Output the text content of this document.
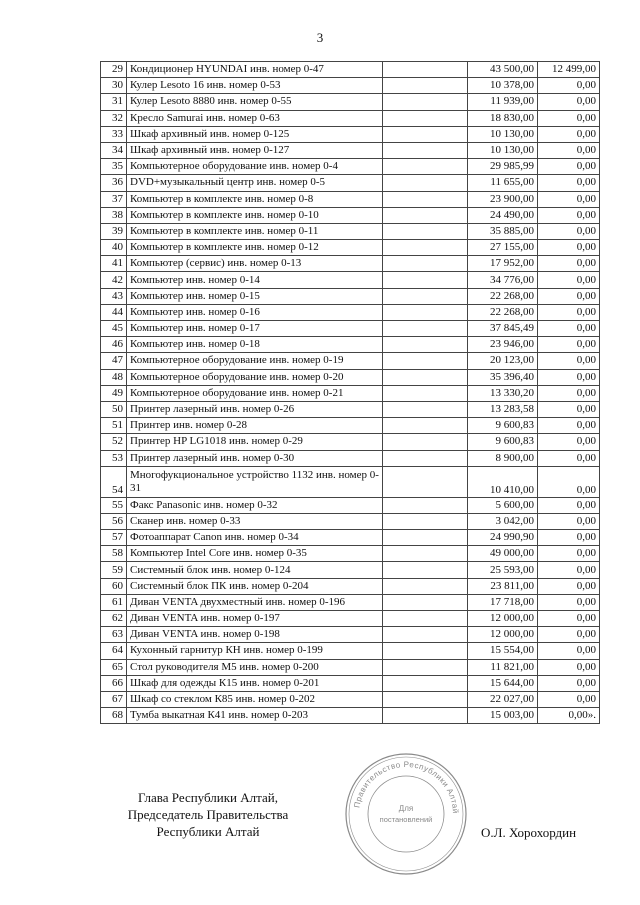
3
29	Кондиционер HYUNDAI инв. номер 0-47		43 500,00	12 499,00
30	Кулер Lesoto 16 инв. номер 0-53		10 378,00	0,00
31	Кулер Lesoto 8880 инв. номер 0-55		11 939,00	0,00
32	Кресло Samurai инв. номер 0-63		18 830,00	0,00
33	Шкаф архивный инв. номер 0-125		10 130,00	0,00
34	Шкаф архивный инв. номер 0-127		10 130,00	0,00
35	Компьютерное оборудование инв. номер 0-4		29 985,99	0,00
36	DVD+музыкальный центр инв. номер 0-5		11 655,00	0,00
37	Компьютер в комплекте инв. номер 0-8		23 900,00	0,00
38	Компьютер в комплекте инв. номер 0-10		24 490,00	0,00
39	Компьютер в комплекте инв. номер 0-11		35 885,00	0,00
40	Компьютер в комплекте инв. номер 0-12		27 155,00	0,00
41	Компьютер (сервис) инв. номер 0-13		17 952,00	0,00
42	Компьютер инв. номер 0-14		34 776,00	0,00
43	Компьютер инв. номер 0-15		22 268,00	0,00
44	Компьютер инв. номер 0-16		22 268,00	0,00
45	Компьютер инв. номер 0-17		37 845,49	0,00
46	Компьютер инв. номер 0-18		23 946,00	0,00
47	Компьютерное оборудование инв. номер 0-19		20 123,00	0,00
48	Компьютерное оборудование инв. номер 0-20		35 396,40	0,00
49	Компьютерное оборудование инв. номер 0-21		13 330,20	0,00
50	Принтер лазерный инв. номер 0-26		13 283,58	0,00
51	Принтер инв. номер 0-28		9 600,83	0,00
52	Принтер HP LG1018 инв. номер 0-29		9 600,83	0,00
53	Принтер лазерный инв. номер 0-30		8 900,00	0,00
54	Многофукциональное устройство 1132 инв. номер 0-31		10 410,00	0,00
55	Факс Panasonic инв. номер 0-32		5 600,00	0,00
56	Сканер инв. номер 0-33		3 042,00	0,00
57	Фотоаппарат Canon инв. номер 0-34		24 990,90	0,00
58	Компьютер Intel Core инв. номер 0-35		49 000,00	0,00
59	Системный блок инв. номер 0-124		25 593,00	0,00
60	Системный блок ПК инв. номер 0-204		23 811,00	0,00
61	Диван VENTA двухместный инв. номер 0-196		17 718,00	0,00
62	Диван VENTA инв. номер 0-197		12 000,00	0,00
63	Диван VENTA инв. номер 0-198		12 000,00	0,00
64	Кухонный гарнитур КН инв. номер 0-199		15 554,00	0,00
65	Стол руководителя М5 инв. номер 0-200		11 821,00	0,00
66	Шкаф для одежды К15 инв. номер 0-201		15 644,00	0,00
67	Шкаф со стеклом К85 инв. номер 0-202		22 027,00	0,00
68	Тумба выкатная К41 инв. номер 0-203		15 003,00	0,00».
Глава Республики Алтай,
Председатель Правительства
Республики Алтай	О.Л. Хорохордин
Правительство Республики Алтай
Для
постановлений
